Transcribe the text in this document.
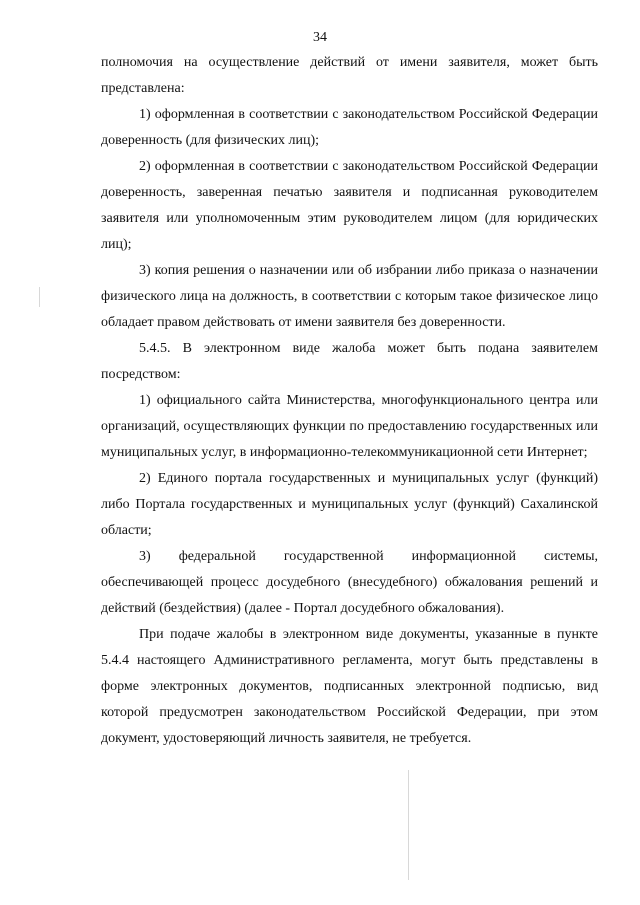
34

полномочия на осуществление действий от имени заявителя, может быть представлена:

1) оформленная в соответствии с законодательством Российской Федерации доверенность (для физических лиц);

2) оформленная в соответствии с законодательством Российской Федерации доверенность, заверенная печатью заявителя и подписанная руководителем заявителя или уполномоченным этим руководителем лицом (для юридических лиц);

3) копия решения о назначении или об избрании либо приказа о назначении физического лица на должность, в соответствии с которым такое физическое лицо обладает правом действовать от имени заявителя без доверенности.

5.4.5. В электронном виде жалоба может быть подана заявителем посредством:

1) официального сайта Министерства, многофункционального центра или организаций, осуществляющих функции по предоставлению государственных или муниципальных услуг, в информационно-телекоммуникационной сети Интернет;

2) Единого портала государственных и муниципальных услуг (функций) либо Портала государственных и муниципальных услуг (функций) Сахалинской области;

3) федеральной государственной информационной системы, обеспечивающей процесс досудебного (внесудебного) обжалования решений и действий (бездействия) (далее - Портал досудебного обжалования).

При подаче жалобы в электронном виде документы, указанные в пункте 5.4.4 настоящего Административного регламента, могут быть представлены в форме электронных документов, подписанных электронной подписью, вид которой предусмотрен законодательством Российской Федерации, при этом документ, удостоверяющий личность заявителя, не требуется.
